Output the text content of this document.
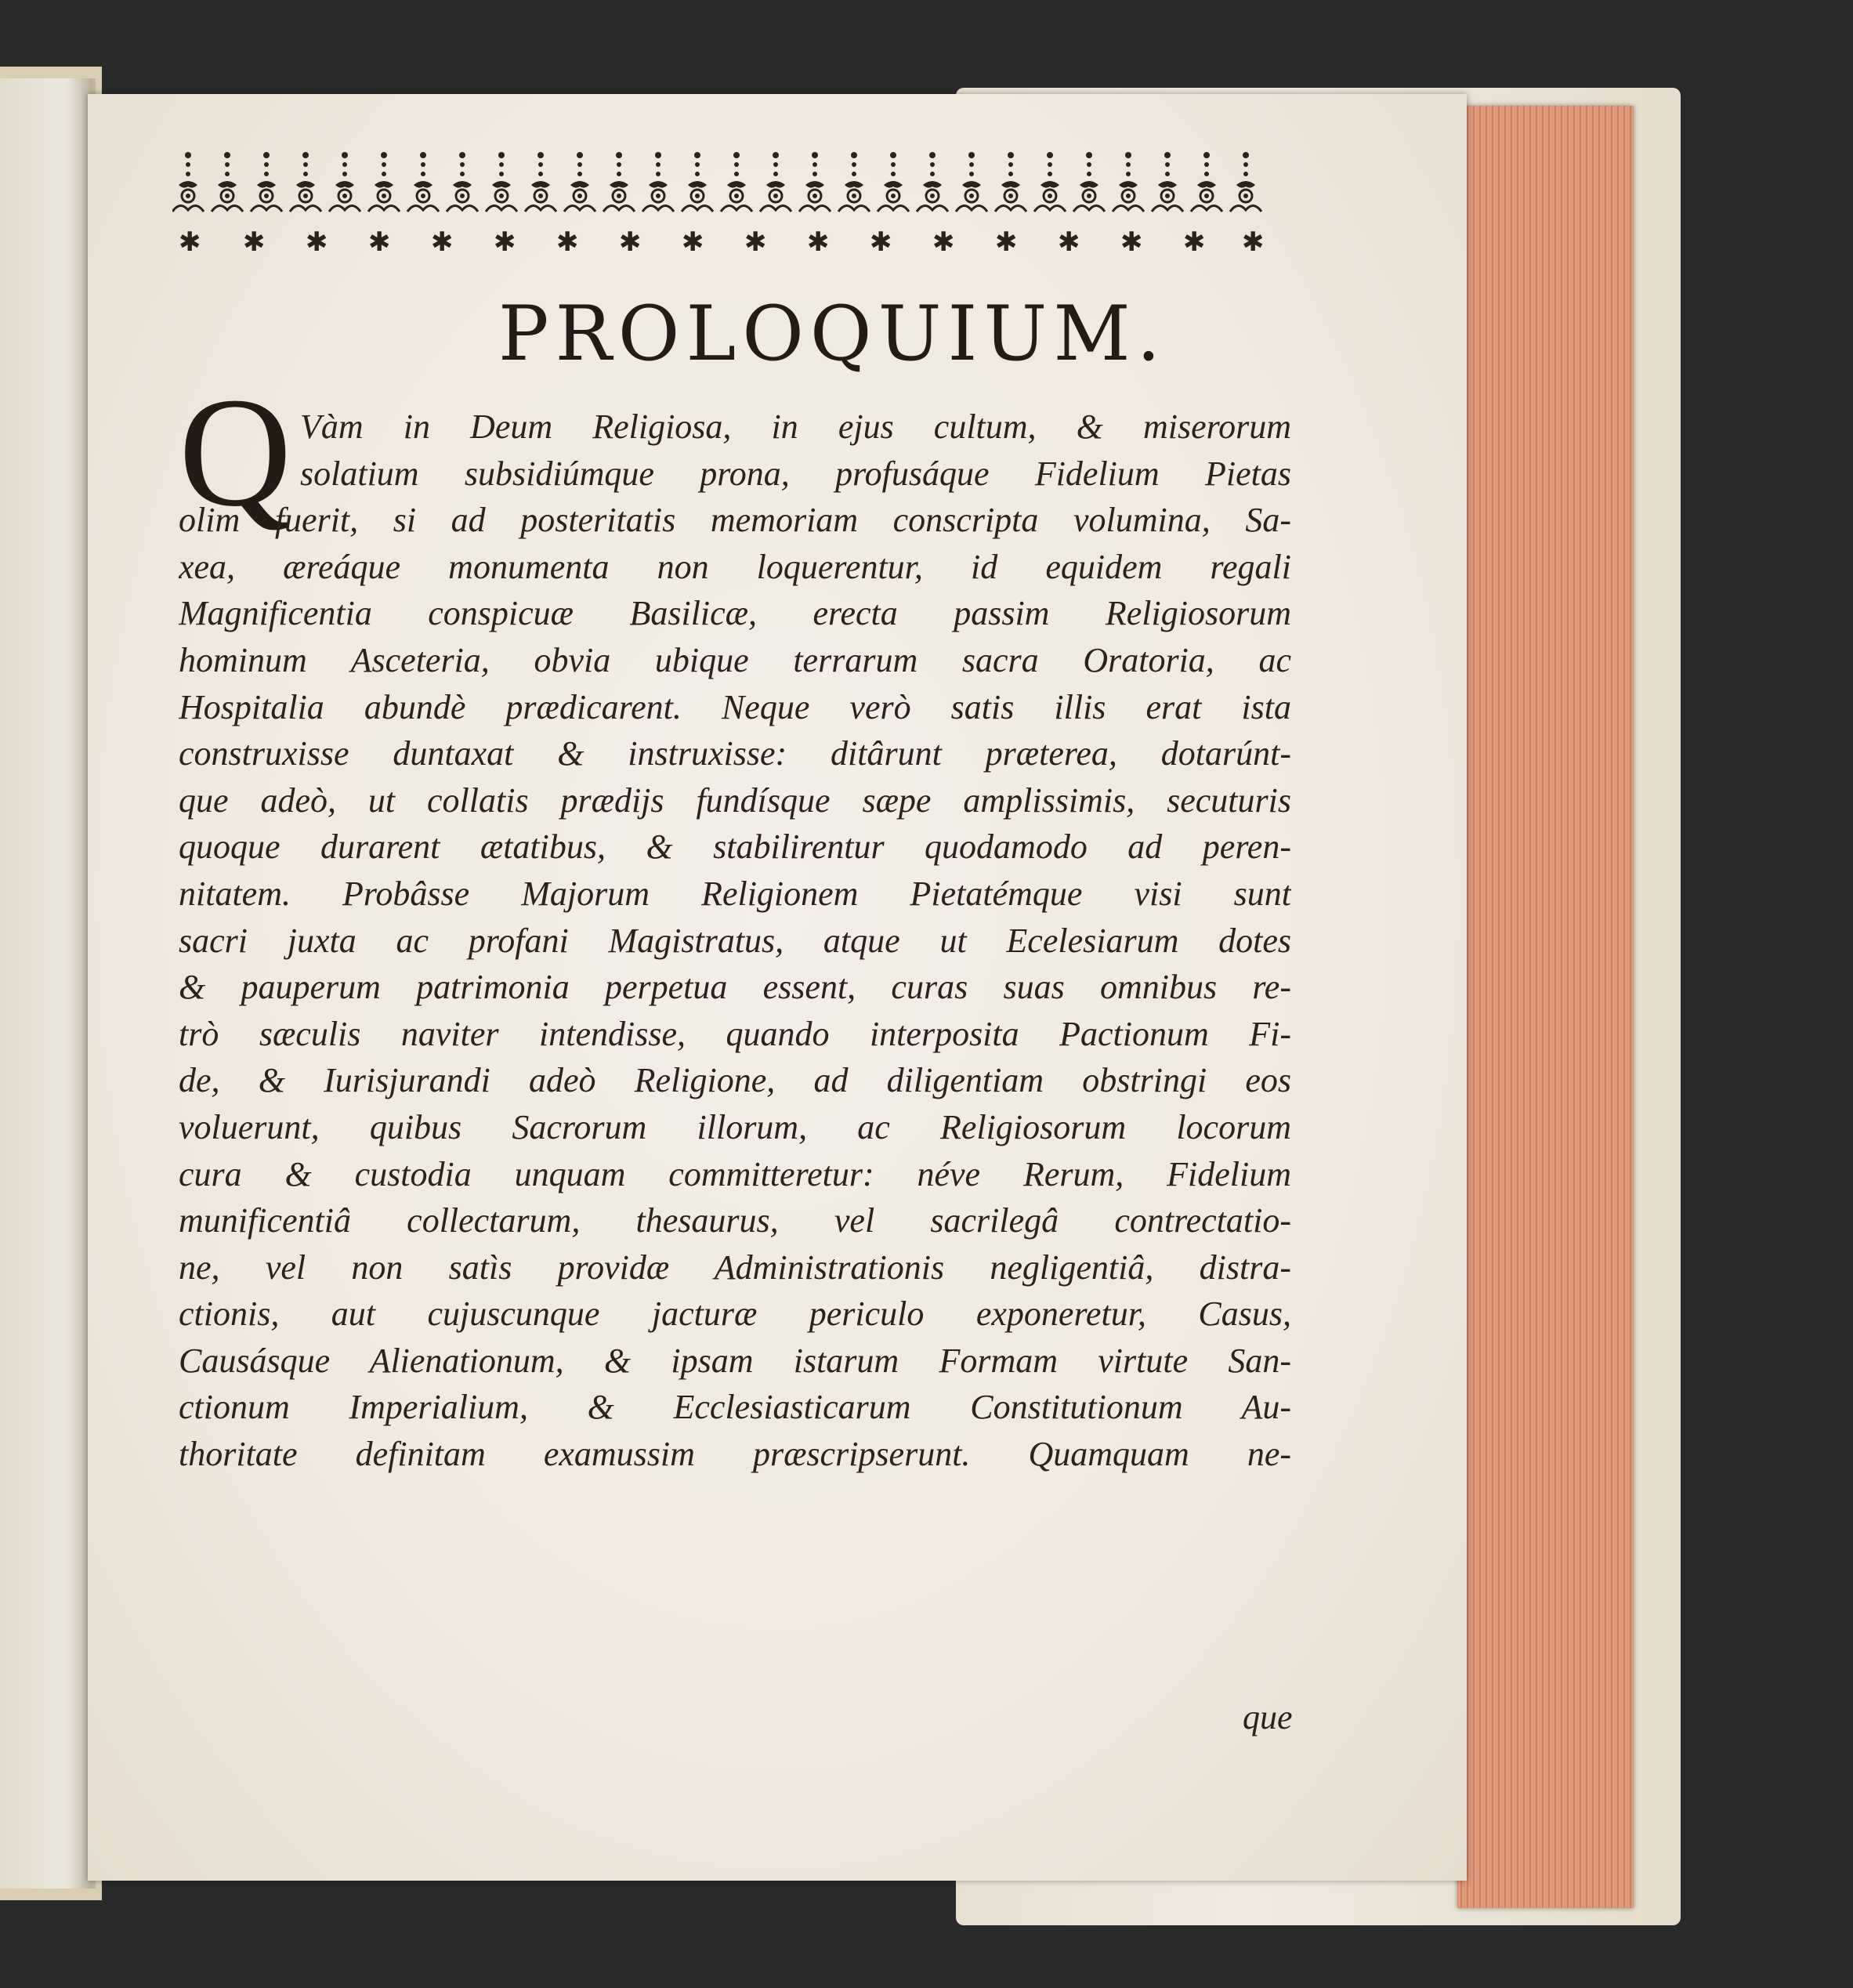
✱ ✱ ✱ ✱ ✱ ✱ ✱ ✱ ✱ ✱ ✱ ✱ ✱ ✱ ✱ ✱ ✱ ✱
PROLOQUIUM.
Q Vàm in Deum Religiosa, in ejus cultum, & miserorum
solatium subsidiúmque prona, profusáque Fidelium Pietas
olim fuerit, si ad posteritatis memoriam conscripta volumina, Sa-
xea, æreáque monumenta non loquerentur, id equidem regali
Magnificentia conspicuæ Basilicæ, erecta passim Religiosorum
hominum Asceteria, obvia ubique terrarum sacra Oratoria, ac
Hospitalia abundè prædicarent. Neque verò satis illis erat ista
construxisse duntaxat & instruxisse: ditârunt præterea, dotarúnt-
que adeò, ut collatis prædijs fundísque sæpe amplissimis, secuturis
quoque durarent ætatibus, & stabilirentur quodamodo ad peren-
nitatem. Probâsse Majorum Religionem Pietatémque visi sunt
sacri juxta ac profani Magistratus, atque ut Ecelesiarum dotes
& pauperum patrimonia perpetua essent, curas suas omnibus re-
trò sæculis naviter intendisse, quando interposita Pactionum Fi-
de, & Iurisjurandi adeò Religione, ad diligentiam obstringi eos
voluerunt, quibus Sacrorum illorum, ac Religiosorum locorum
cura & custodia unquam committeretur: néve Rerum, Fidelium
munificentiâ collectarum, thesaurus, vel sacrilegâ contrectatio-
ne, vel non satìs providæ Administrationis negligentiâ, distra-
ctionis, aut cujuscunque jacturæ periculo exponeretur, Casus,
Causásque Alienationum, & ipsam istarum Formam virtute San-
ctionum Imperialium, & Ecclesiasticarum Constitutionum Au-
thoritate definitam examussim præscripserunt. Quamquam ne-
que
